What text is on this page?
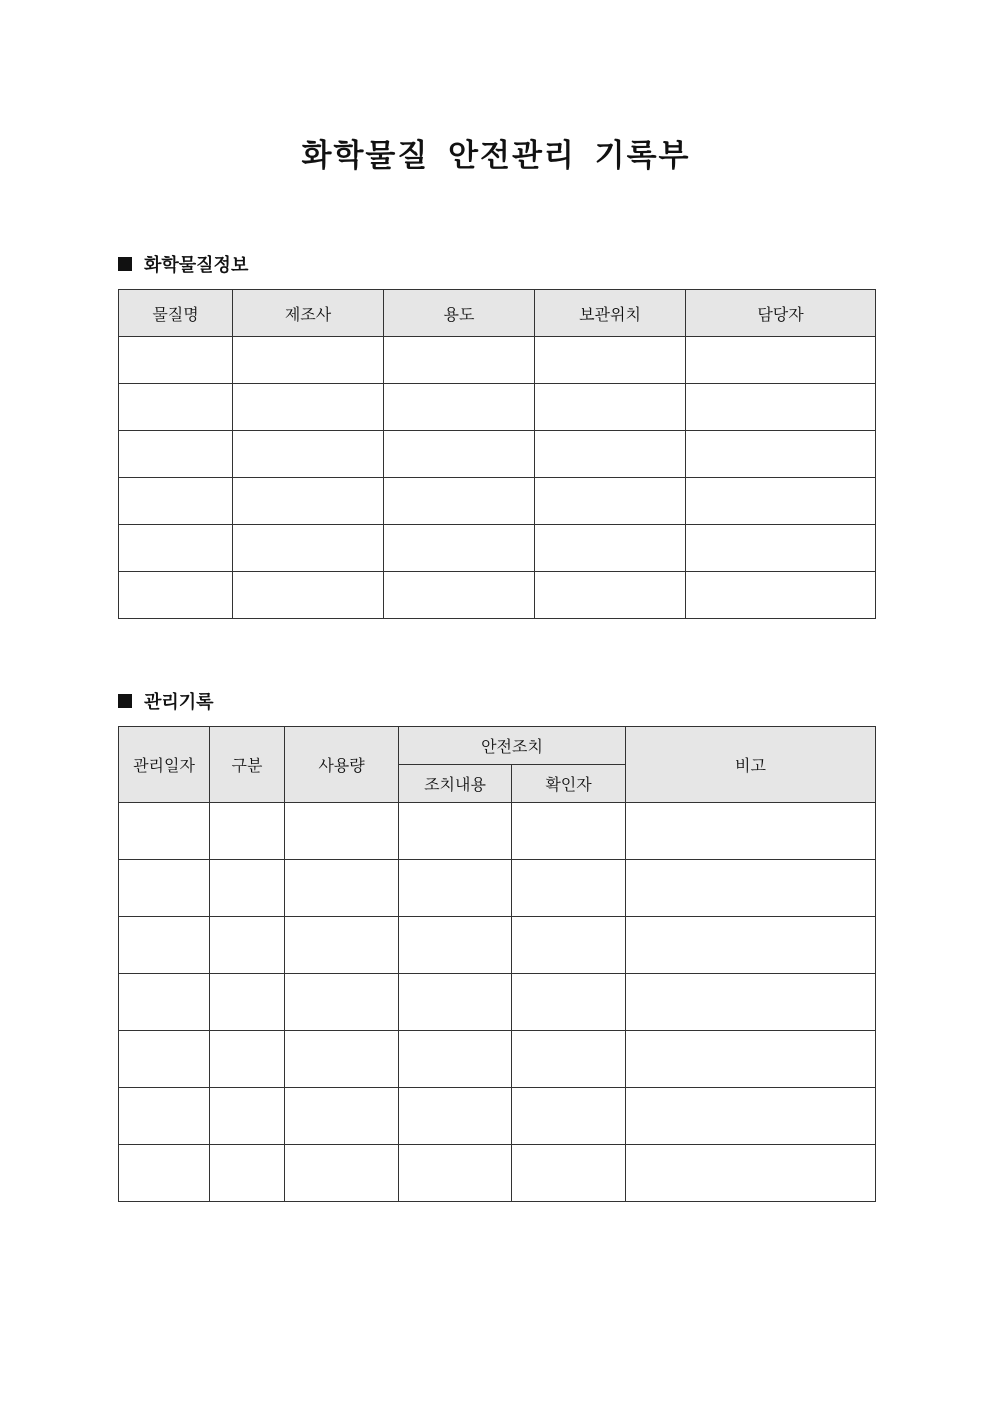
화학물질 안전관리 기록부
화학물질정보
물질명	제조사	용도	보관위치	담당자

관리기록
관리일자	구분	사용량	안전조치		비고
			조치내용	확인자	
